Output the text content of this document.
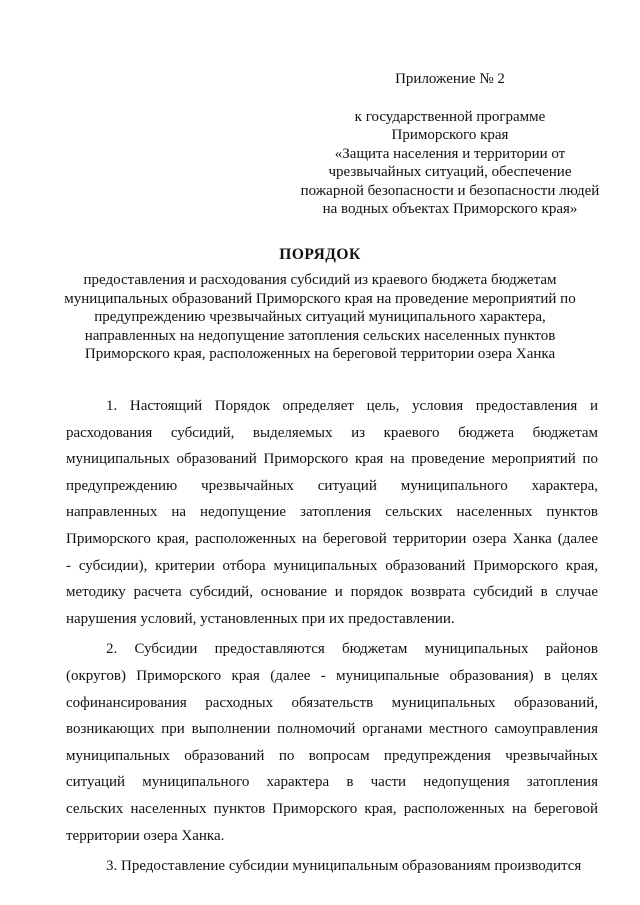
Приложение № 2
к государственной программе
Приморского края
«Защита населения и территории от
чрезвычайных ситуаций, обеспечение
пожарной безопасности и безопасности людей
на водных объектах Приморского края»
ПОРЯДОК
предоставления и расходования субсидий из краевого бюджета бюджетам
муниципальных образований Приморского края на проведение мероприятий по
предупреждению чрезвычайных ситуаций муниципального характера,
направленных на недопущение затопления сельских населенных пунктов
Приморского края, расположенных на береговой территории озера Ханка
1. Настоящий Порядок определяет цель, условия предоставления и
расходования субсидий, выделяемых из краевого бюджета бюджетам
муниципальных образований Приморского края на проведение мероприятий по
предупреждению чрезвычайных ситуаций муниципального характера,
направленных на недопущение затопления сельских населенных пунктов
Приморского края, расположенных на береговой территории озера Ханка (далее
- субсидии), критерии отбора муниципальных образований Приморского края,
методику расчета субсидий, основание и порядок возврата субсидий в случае
нарушения условий, установленных при их предоставлении.
2. Субсидии предоставляются бюджетам муниципальных районов
(округов) Приморского края (далее - муниципальные образования) в целях
софинансирования расходных обязательств муниципальных образований,
возникающих при выполнении полномочий органами местного самоуправления
муниципальных образований по вопросам предупреждения чрезвычайных
ситуаций муниципального характера в части недопущения затопления
сельских населенных пунктов Приморского края, расположенных на береговой
территории озера Ханка.
3. Предоставление субсидии муниципальным образованиям производится
